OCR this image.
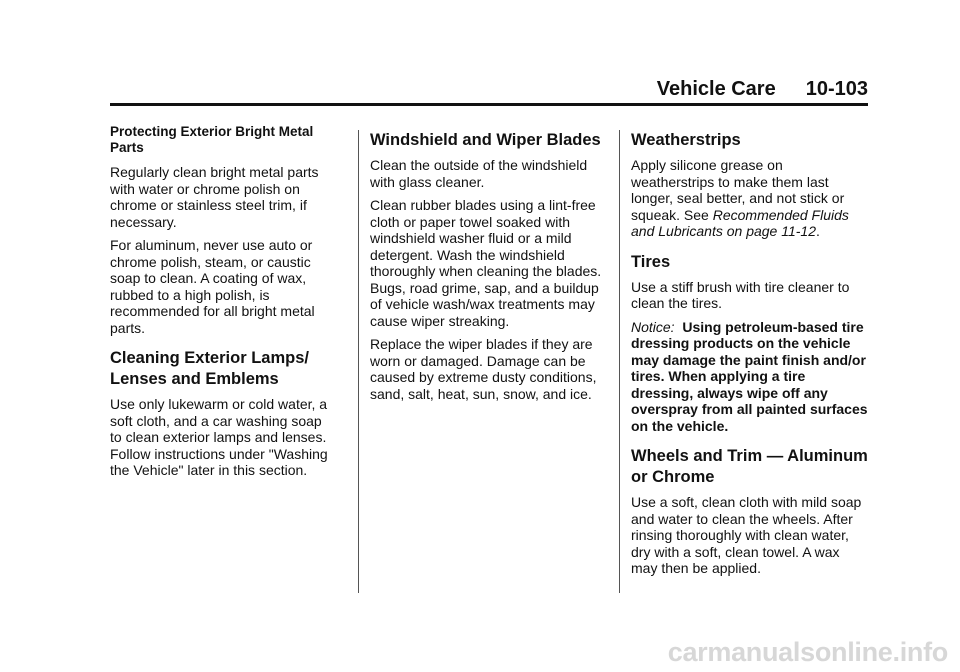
Vehicle Care 10-103
Protecting Exterior Bright Metal Parts

Regularly clean bright metal parts with water or chrome polish on chrome or stainless steel trim, if necessary.

For aluminum, never use auto or chrome polish, steam, or caustic soap to clean. A coating of wax, rubbed to a high polish, is recommended for all bright metal parts.

Cleaning Exterior Lamps/ Lenses and Emblems

Use only lukewarm or cold water, a soft cloth, and a car washing soap to clean exterior lamps and lenses. Follow instructions under "Washing the Vehicle" later in this section.

Windshield and Wiper Blades

Clean the outside of the windshield with glass cleaner.

Clean rubber blades using a lint-free cloth or paper towel soaked with windshield washer fluid or a mild detergent. Wash the windshield thoroughly when cleaning the blades. Bugs, road grime, sap, and a buildup of vehicle wash/wax treatments may cause wiper streaking.

Replace the wiper blades if they are worn or damaged. Damage can be caused by extreme dusty conditions, sand, salt, heat, sun, snow, and ice.

Weatherstrips

Apply silicone grease on weatherstrips to make them last longer, seal better, and not stick or squeak. See Recommended Fluids and Lubricants on page 11-12.

Tires

Use a stiff brush with tire cleaner to clean the tires.

Notice: Using petroleum-based tire dressing products on the vehicle may damage the paint finish and/or tires. When applying a tire dressing, always wipe off any overspray from all painted surfaces on the vehicle.

Wheels and Trim — Aluminum or Chrome

Use a soft, clean cloth with mild soap and water to clean the wheels. After rinsing thoroughly with clean water, dry with a soft, clean towel. A wax may then be applied.

carmanualsonline.info
